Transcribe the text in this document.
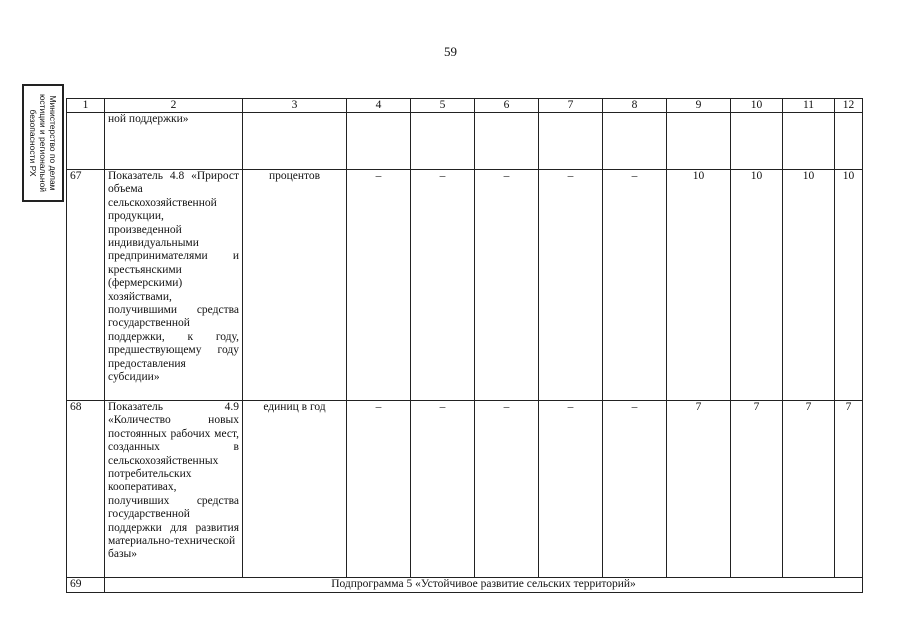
59
Министерство по делам
юстиции и региональной
безопасности РХ
1	2	3	4	5	6	7	8	9	10	11	12
	ной поддержки»										
67	Показатель 4.8 «Прирост объема сельскохозяйственной продукции, произведенной индивидуальными предпринимателями и крестьянскими (фермерскими) хозяйствами, получившими средства государственной поддержки, к году, предшествующему году предоставления субсидии»	процентов	–	–	–	–	–	10	10	10	10
68	Показатель 4.9 «Количество новых постоянных рабочих мест, созданных в сельскохозяйственных потребительских кооперативах, получивших средства государственной поддержки для развития материально-технической базы»	единиц в год	–	–	–	–	–	7	7	7	7
69	Подпрограмма 5 «Устойчивое развитие сельских территорий»										
